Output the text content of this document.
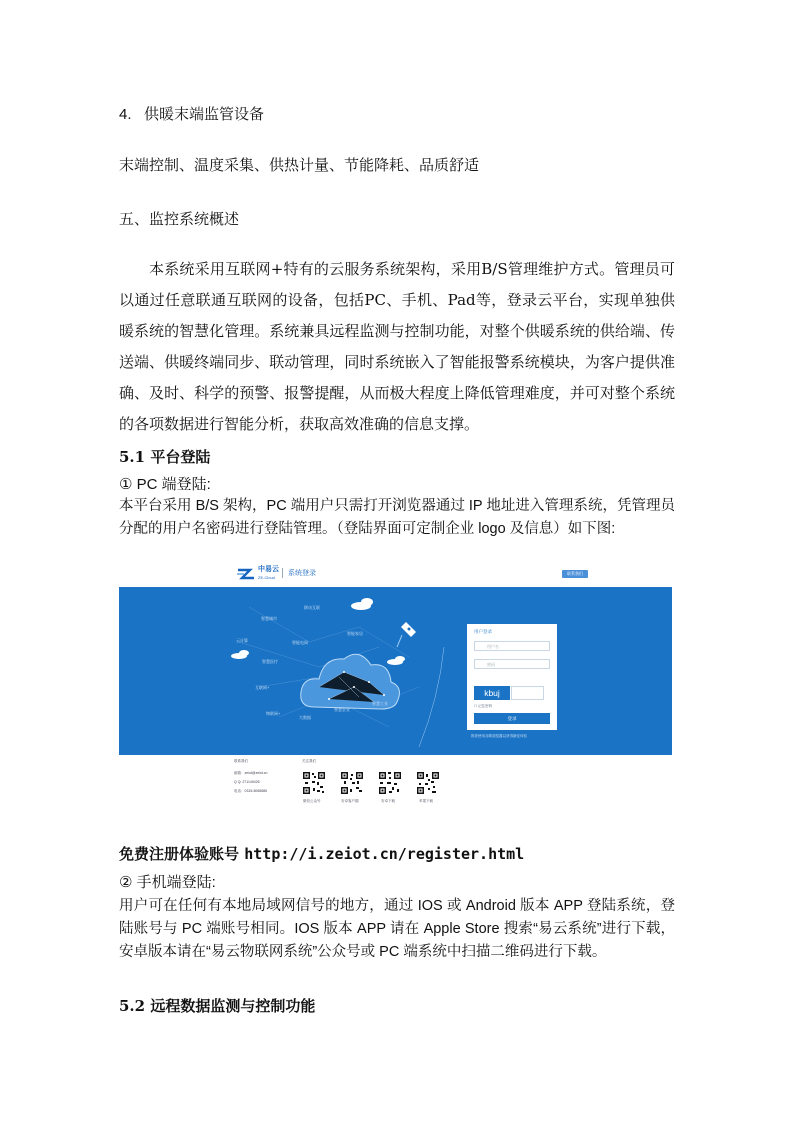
4. 供暖末端监管设备
末端控制、温度采集、供热计量、节能降耗、品质舒适
五、监控系统概述
本系统采用互联网+特有的云服务系统架构，采用B/S管理维护方式。管理员可以通过任意联通互联网的设备，包括PC、手机、Pad等，登录云平台，实现单独供暖系统的智慧化管理。系统兼具远程监测与控制功能，对整个供暖系统的供给端、传送端、供暖终端同步、联动管理，同时系统嵌入了智能报警系统模块，为客户提供准确、及时、科学的预警、报警提醒，从而极大程度上降低管理难度，并可对整个系统的各项数据进行智能分析，获取高效准确的信息支撑。
5.1 平台登陆
① PC 端登陆:
本平台采用 B/S 架构，PC 端用户只需打开浏览器通过 IP 地址进入管理系统，凭管理员分配的用户名密码进行登陆管理。（登陆界面可定制企业 logo 及信息）如下图:
中易云
ZE-Cloud
系统登录	联系我们
移动互联
智慧城市
智能家居
云计算	智能电网
智慧医疗
互联网+
物联网+
大数据
智慧农业
智慧工业
用户登录
用户名
密码
kbuj
☐ 记住密码
登录
推荐使用谷歌浏览器以获得最佳体验
联系我们
邮箱：zeiot@zeiot.cn
Q Q: 271149426
电话：0315-5065686
关注我们
微信公众号	安卓客户端	安卓下载	苹果下载
免费注册体验账号 http://i.zeiot.cn/register.html
② 手机端登陆:
用户可在任何有本地局域网信号的地方，通过 IOS 或 Android 版本 APP 登陆系统，登陆账号与 PC 端账号相同。IOS 版本 APP 请在 Apple Store 搜索“易云系统”进行下载，安卓版本请在“易云物联网系统”公众号或 PC 端系统中扫描二维码进行下载。
5.2 远程数据监测与控制功能
